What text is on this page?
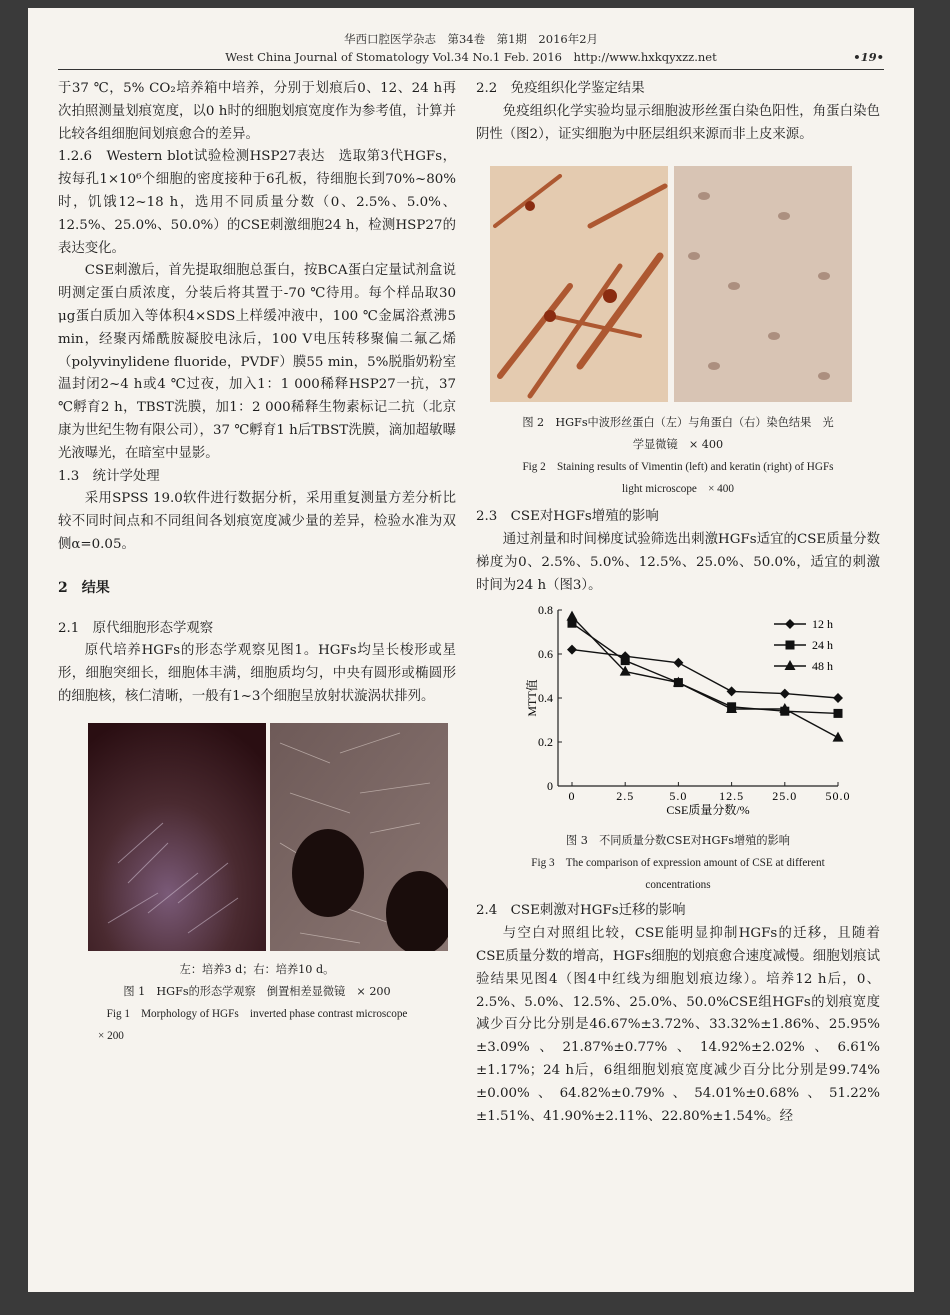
华西口腔医学杂志　第34卷　第1期　2016年2月
West China Journal of Stomatology Vol.34 No.1 Feb. 2016　http://www.hxkqyxzz.net	•19•

于37 ℃，5% CO₂培养箱中培养，分别于划痕后0、12、24 h再次拍照测量划痕宽度，以0 h时的细胞划痕宽度作为参考值，计算并比较各组细胞间划痕愈合的差异。

1.2.6　Western blot试验检测HSP27表达　选取第3代HGFs，按每孔1×10⁶个细胞的密度接种于6孔板，待细胞长到70%~80%时，饥饿12~18 h，选用不同质量分数（0、2.5%、5.0%、12.5%、25.0%、50.0%）的CSE刺激细胞24 h，检测HSP27的表达变化。

CSE刺激后，首先提取细胞总蛋白，按BCA蛋白定量试剂盒说明测定蛋白质浓度，分装后将其置于-70 ℃待用。每个样品取30 μg蛋白质加入等体积4×SDS上样缓冲液中，100 ℃金属浴煮沸5 min，经聚丙烯酰胺凝胶电泳后，100 V电压转移聚偏二氟乙烯（polyvinylidene fluoride，PVDF）膜55 min，5%脱脂奶粉室温封闭2~4 h或4 ℃过夜，加入1：1 000稀释HSP27一抗，37 ℃孵育2 h，TBST洗膜，加1：2 000稀释生物素标记二抗（北京康为世纪生物有限公司），37 ℃孵育1 h后TBST洗膜，滴加超敏曝光液曝光，在暗室中显影。

1.3　统计学处理

采用SPSS 19.0软件进行数据分析，采用重复测量方差分析比较不同时间点和不同组间各划痕宽度减少量的差异，检验水准为双侧α=0.05。

2　结果

2.1　原代细胞形态学观察

原代培养HGFs的形态学观察见图1。HGFs均呈长梭形或星形，细胞突细长，细胞体丰满，细胞质均匀，中央有圆形或椭圆形的细胞核，核仁清晰，一般有1~3个细胞呈放射状漩涡状排列。

左：培养3 d；右：培养10 d。

图 1　HGFs的形态学观察　倒置相差显微镜　× 200

Fig 1　Morphology of HGFs　inverted phase contrast microscope

× 200

2.2　免疫组织化学鉴定结果

免疫组织化学实验均显示细胞波形丝蛋白染色阳性，角蛋白染色阴性（图2），证实细胞为中胚层组织来源而非上皮来源。

图 2　HGFs中波形丝蛋白（左）与角蛋白（右）染色结果　光

学显微镜　× 400

Fig 2　Staining results of Vimentin (left) and keratin (right) of HGFs

light microscope　× 400

2.3　CSE对HGFs增殖的影响

通过剂量和时间梯度试验筛选出刺激HGFs适宜的CSE质量分数梯度为0、2.5%、5.0%、12.5%、25.0%、50.0%，适宜的刺激时间为24 h（图3）。

0
0.2
0.4
0.6
0.8
0	2.5	5.0	12.5 25.0 50.0
CSE质量分数/%
MTT值
12 h
24 h
48 h

图 3　不同质量分数CSE对HGFs增殖的影响

Fig 3　The comparison of expression amount of CSE at different

concentrations

2.4　CSE刺激对HGFs迁移的影响

与空白对照组比较，CSE能明显抑制HGFs的迁移，且随着CSE质量分数的增高，HGFs细胞的划痕愈合速度减慢。细胞划痕试验结果见图4（图4中红线为细胞划痕边缘）。培养12 h后，0、2.5%、5.0%、12.5%、25.0%、50.0%CSE组HGFs的划痕宽度减少百分比分别是46.67%±3.72%、33.32%±1.86%、25.95%±3.09%、21.87%±0.77%、14.92%±2.02%、6.61%±1.17%；24 h后，6组细胞划痕宽度减少百分比分别是99.74%±0.00%、64.82%±0.79%、54.01%±0.68%、51.22%±1.51%、41.90%±2.11%、22.80%±1.54%。经
